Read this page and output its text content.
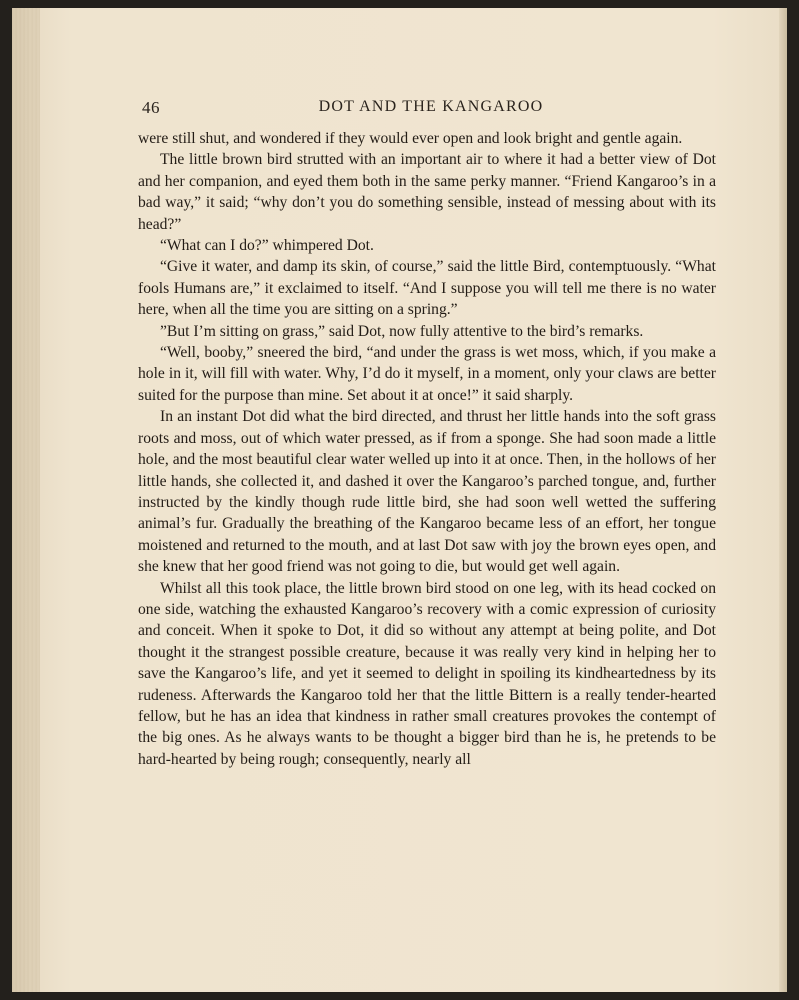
46	DOT AND THE KANGAROO

were still shut, and wondered if they would ever open and look bright and gentle again.

The little brown bird strutted with an important air to where it had a better view of Dot and her companion, and eyed them both in the same perky manner. “Friend Kangaroo’s in a bad way,” it said; “why don’t you do something sensible, instead of messing about with its head?”

“What can I do?” whimpered Dot.

“Give it water, and damp its skin, of course,” said the little Bird, contemptuously. “What fools Humans are,” it exclaimed to itself. “And I suppose you will tell me there is no water here, when all the time you are sitting on a spring.”

”But I’m sitting on grass,” said Dot, now fully attentive to the bird’s remarks.

“Well, booby,” sneered the bird, “and under the grass is wet moss, which, if you make a hole in it, will fill with water. Why, I’d do it myself, in a moment, only your claws are better suited for the purpose than mine. Set about it at once!” it said sharply.

In an instant Dot did what the bird directed, and thrust her little hands into the soft grass roots and moss, out of which water pressed, as if from a sponge. She had soon made a little hole, and the most beautiful clear water welled up into it at once. Then, in the hollows of her little hands, she collected it, and dashed it over the Kangaroo’s parched tongue, and, further instructed by the kindly though rude little bird, she had soon well wetted the suffering animal’s fur. Gradually the breathing of the Kangaroo became less of an effort, her tongue moistened and returned to the mouth, and at last Dot saw with joy the brown eyes open, and she knew that her good friend was not going to die, but would get well again.

Whilst all this took place, the little brown bird stood on one leg, with its head cocked on one side, watching the exhausted Kangaroo’s recovery with a comic expression of curiosity and conceit. When it spoke to Dot, it did so without any attempt at being polite, and Dot thought it the strangest possible creature, because it was really very kind in helping her to save the Kangaroo’s life, and yet it seemed to delight in spoiling its kindheartedness by its rudeness. Afterwards the Kangaroo told her that the little Bittern is a really tender-hearted fellow, but he has an idea that kindness in rather small creatures provokes the contempt of the big ones. As he always wants to be thought a bigger bird than he is, he pretends to be hard-hearted by being rough; consequently, nearly all
